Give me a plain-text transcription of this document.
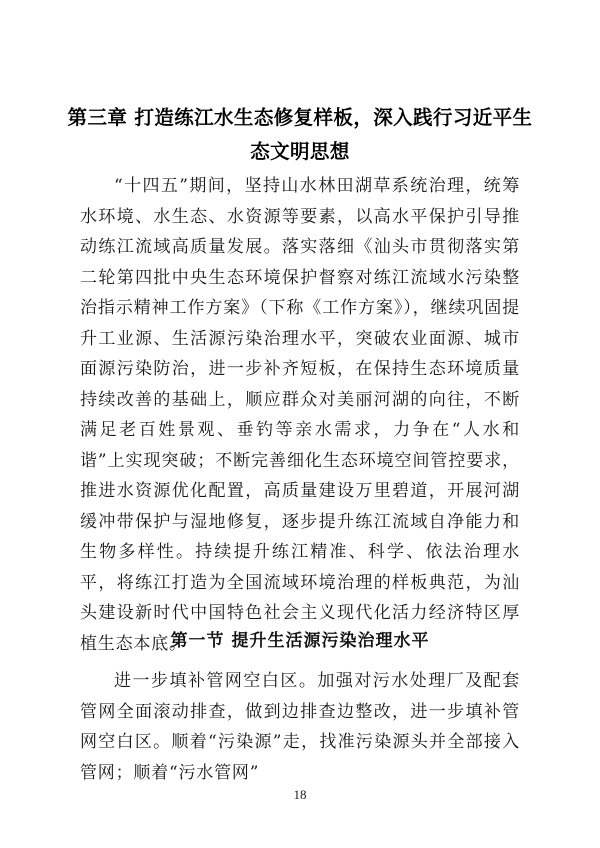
第三章 打造练江水生态修复样板，深入践行习近平生态文明思想

“十四五”期间，坚持山水林田湖草系统治理，统筹水环境、水生态、水资源等要素，以高水平保护引导推动练江流域高质量发展。落实落细《汕头市贯彻落实第二轮第四批中央生态环境保护督察对练江流域水污染整治指示精神工作方案》（下称《工作方案》），继续巩固提升工业源、生活源污染治理水平，突破农业面源、城市面源污染防治，进一步补齐短板，在保持生态环境质量持续改善的基础上，顺应群众对美丽河湖的向往，不断满足老百姓景观、垂钓等亲水需求，力争在“人水和谐”上实现突破；不断完善细化生态环境空间管控要求，推进水资源优化配置，高质量建设万里碧道，开展河湖缓冲带保护与湿地修复，逐步提升练江流域自净能力和生物多样性。持续提升练江精准、科学、依法治理水平，将练江打造为全国流域环境治理的样板典范，为汕头建设新时代中国特色社会主义现代化活力经济特区厚植生态本底。

第一节 提升生活源污染治理水平

进一步填补管网空白区。加强对污水处理厂及配套管网全面滚动排查，做到边排查边整改，进一步填补管网空白区。顺着“污染源”走，找准污染源头并全部接入管网；顺着“污水管网”

18
